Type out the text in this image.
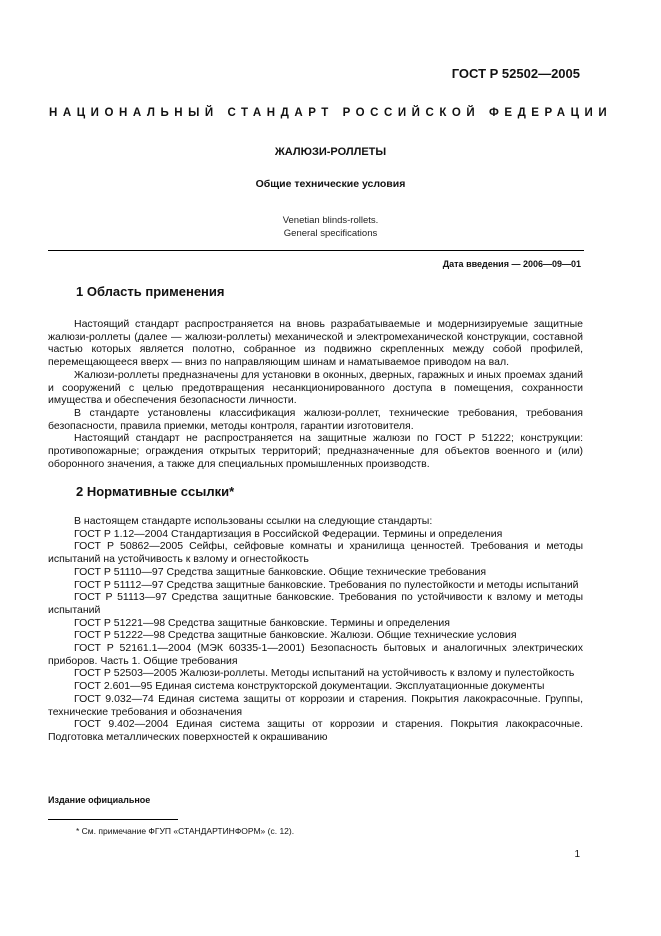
ГОСТ Р 52502—2005
НАЦИОНАЛЬНЫЙ СТАНДАРТ РОССИЙСКОЙ ФЕДЕРАЦИИ
ЖАЛЮЗИ-РОЛЛЕТЫ
Общие технические условия
Venetian blinds-rollets.
General specifications
Дата введения — 2006—09—01
1 Область применения

Настоящий стандарт распространяется на вновь разрабатываемые и модернизируемые защитные жалюзи-роллеты (далее — жалюзи-роллеты) механической и электромеханической конструкции, составной частью которых является полотно, собранное из подвижно скрепленных между собой профилей, перемещающееся вверх — вниз по направляющим шинам и наматываемое приводом на вал.

Жалюзи-роллеты предназначены для установки в оконных, дверных, гаражных и иных проемах зданий и сооружений с целью предотвращения несанкционированного доступа в помещения, сохранности имущества и обеспечения безопасности личности.

В стандарте установлены классификация жалюзи-роллет, технические требования, требования безопасности, правила приемки, методы контроля, гарантии изготовителя.

Настоящий стандарт не распространяется на защитные жалюзи по ГОСТ Р 51222; конструкции: противопожарные; ограждения открытых территорий; предназначенные для объектов военного и (или) оборонного значения, а также для специальных промышленных производств.

2 Нормативные ссылки*

В настоящем стандарте использованы ссылки на следующие стандарты:

ГОСТ Р 1.12—2004 Стандартизация в Российской Федерации. Термины и определения

ГОСТ Р 50862—2005 Сейфы, сейфовые комнаты и хранилища ценностей. Требования и методы испытаний на устойчивость к взлому и огнестойкость

ГОСТ Р 51110—97 Средства защитные банковские. Общие технические требования

ГОСТ Р 51112—97 Средства защитные банковские. Требования по пулестойкости и методы испытаний

ГОСТ Р 51113—97 Средства защитные банковские. Требования по устойчивости к взлому и методы испытаний

ГОСТ Р 51221—98 Средства защитные банковские. Термины и определения

ГОСТ Р 51222—98 Средства защитные банковские. Жалюзи. Общие технические условия

ГОСТ Р 52161.1—2004 (МЭК 60335-1—2001) Безопасность бытовых и аналогичных электрических приборов. Часть 1. Общие требования

ГОСТ Р 52503—2005 Жалюзи-роллеты. Методы испытаний на устойчивость к взлому и пулестойкость

ГОСТ 2.601—95 Единая система конструкторской документации. Эксплуатационные документы

ГОСТ 9.032—74 Единая система защиты от коррозии и старения. Покрытия лакокрасочные. Группы, технические требования и обозначения

ГОСТ 9.402—2004 Единая система защиты от коррозии и старения. Покрытия лакокрасочные. Подготовка металлических поверхностей к окрашиванию

Издание официальное
* См. примечание ФГУП «СТАНДАРТИНФОРМ» (с. 12).
1
